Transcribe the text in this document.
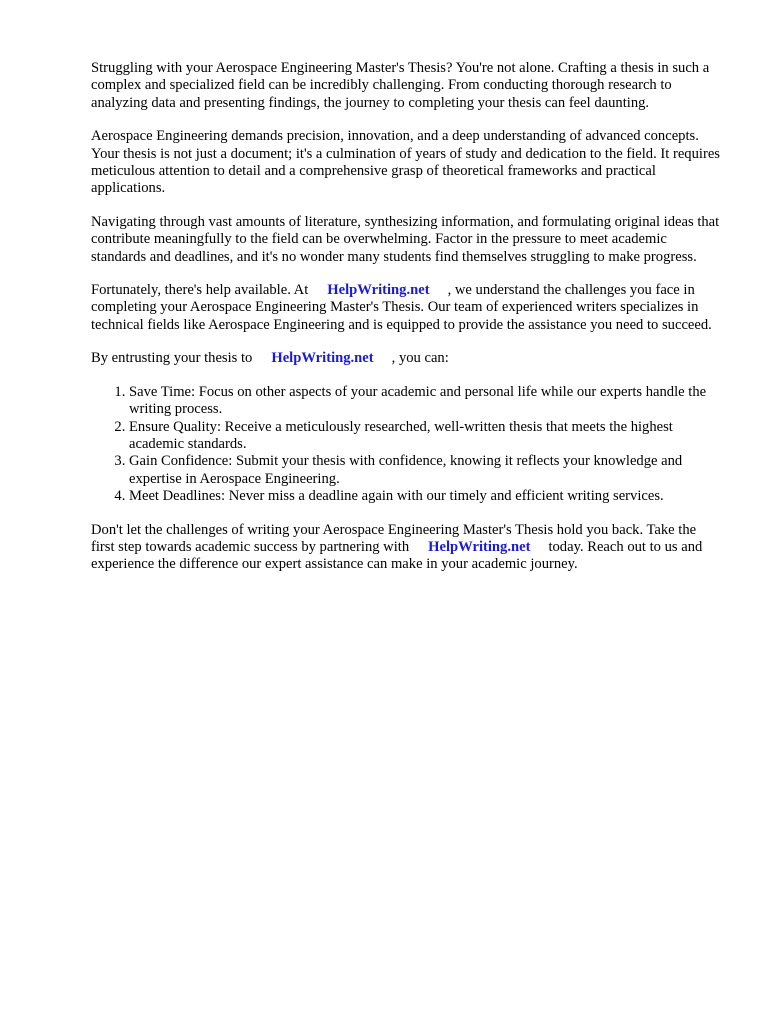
Struggling with your Aerospace Engineering Master's Thesis? You're not alone. Crafting a thesis in such a complex and specialized field can be incredibly challenging. From conducting thorough research to analyzing data and presenting findings, the journey to completing your thesis can feel daunting.

Aerospace Engineering demands precision, innovation, and a deep understanding of advanced concepts. Your thesis is not just a document; it's a culmination of years of study and dedication to the field. It requires meticulous attention to detail and a comprehensive grasp of theoretical frameworks and practical applications.

Navigating through vast amounts of literature, synthesizing information, and formulating original ideas that contribute meaningfully to the field can be overwhelming. Factor in the pressure to meet academic standards and deadlines, and it's no wonder many students find themselves struggling to make progress.

Fortunately, there's help available. At HelpWriting.net , we understand the challenges you face in completing your Aerospace Engineering Master's Thesis. Our team of experienced writers specializes in technical fields like Aerospace Engineering and is equipped to provide the assistance you need to succeed.

By entrusting your thesis to HelpWriting.net , you can:

1. Save Time: Focus on other aspects of your academic and personal life while our experts handle the writing process.
2. Ensure Quality: Receive a meticulously researched, well-written thesis that meets the highest academic standards.
3. Gain Confidence: Submit your thesis with confidence, knowing it reflects your knowledge and expertise in Aerospace Engineering.
4. Meet Deadlines: Never miss a deadline again with our timely and efficient writing services.

Don't let the challenges of writing your Aerospace Engineering Master's Thesis hold you back. Take the first step towards academic success by partnering with HelpWriting.net today. Reach out to us and experience the difference our expert assistance can make in your academic journey.
